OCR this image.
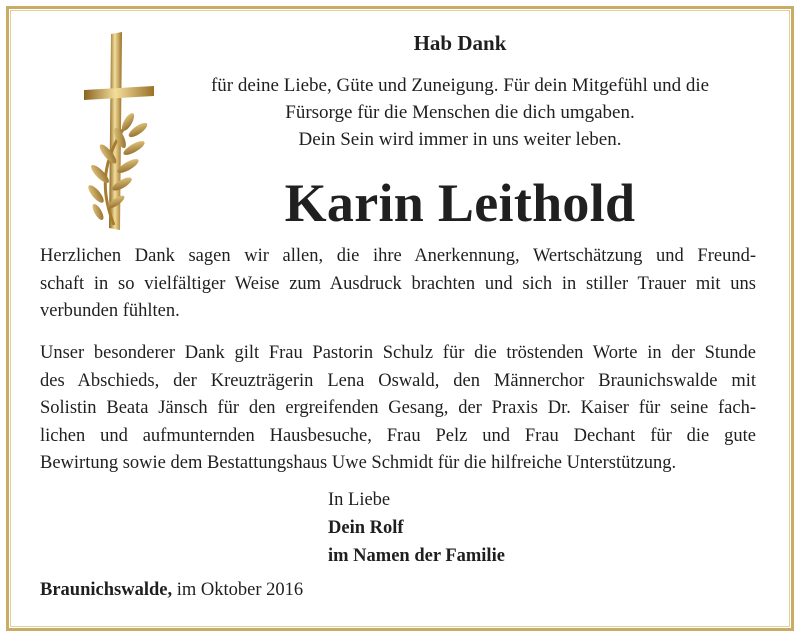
Hab Dank

für deine Liebe, Güte und Zuneigung. Für dein Mitgefühl und die
Fürsorge für die Menschen die dich umgaben.
Dein Sein wird immer in uns weiter leben.

Karin Leithold

Herzlichen Dank sagen wir allen, die ihre Anerkennung, Wertschätzung und Freund-
schaft in so vielfältiger Weise zum Ausdruck brachten und sich in stiller Trauer mit uns
verbunden fühlten.

Unser besonderer Dank gilt Frau Pastorin Schulz für die tröstenden Worte in der Stunde
des Abschieds, der Kreuzträgerin Lena Oswald, den Männerchor Braunichswalde mit
Solistin Beata Jänsch für den ergreifenden Gesang, der Praxis Dr. Kaiser für seine fach-
lichen und aufmunternden Hausbesuche, Frau Pelz und Frau Dechant für die gute
Bewirtung sowie dem Bestattungshaus Uwe Schmidt für die hilfreiche Unterstützung.

In Liebe
Dein Rolf
im Namen der Familie

Braunichswalde, im Oktober 2016
